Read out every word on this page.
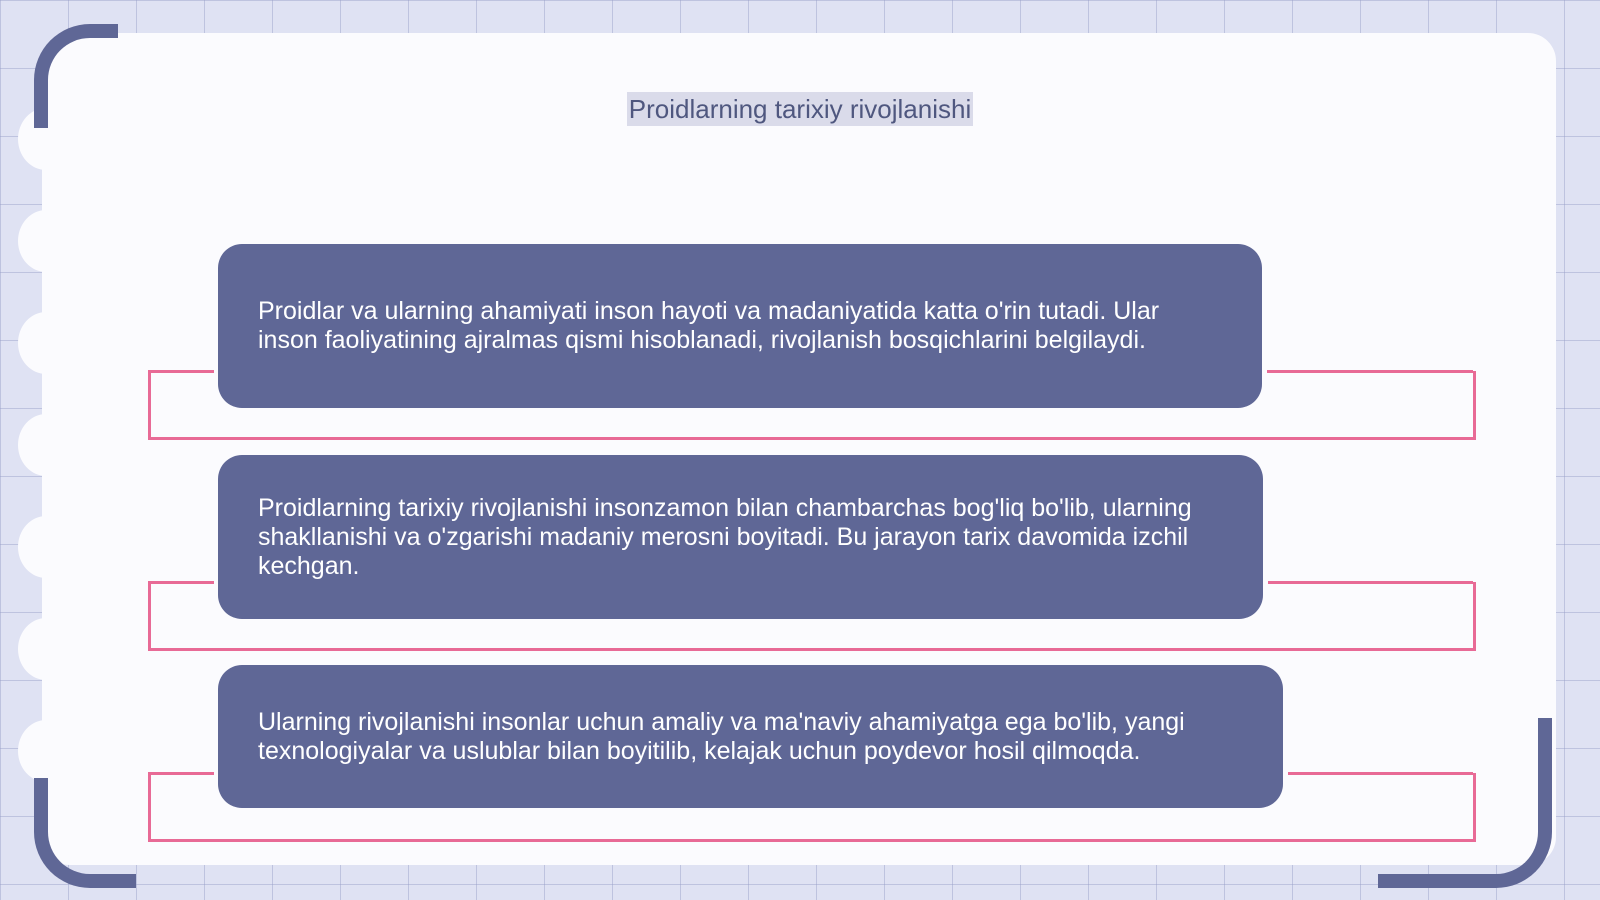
Proidlarning tarixiy rivojlanishi
Proidlar va ularning ahamiyati inson hayoti va madaniyatida katta o'rin tutadi. Ular inson faoliyatining ajralmas qismi hisoblanadi, rivojlanish bosqichlarini belgilaydi.
Proidlarning tarixiy rivojlanishi insonzamon bilan chambarchas bog'liq bo'lib, ularning shakllanishi va o'zgarishi madaniy merosni boyitadi. Bu jarayon tarix davomida izchil kechgan.
Ularning rivojlanishi insonlar uchun amaliy va ma'naviy ahamiyatga ega bo'lib, yangi texnologiyalar va uslublar bilan boyitilib, kelajak uchun poydevor hosil qilmoqda.
